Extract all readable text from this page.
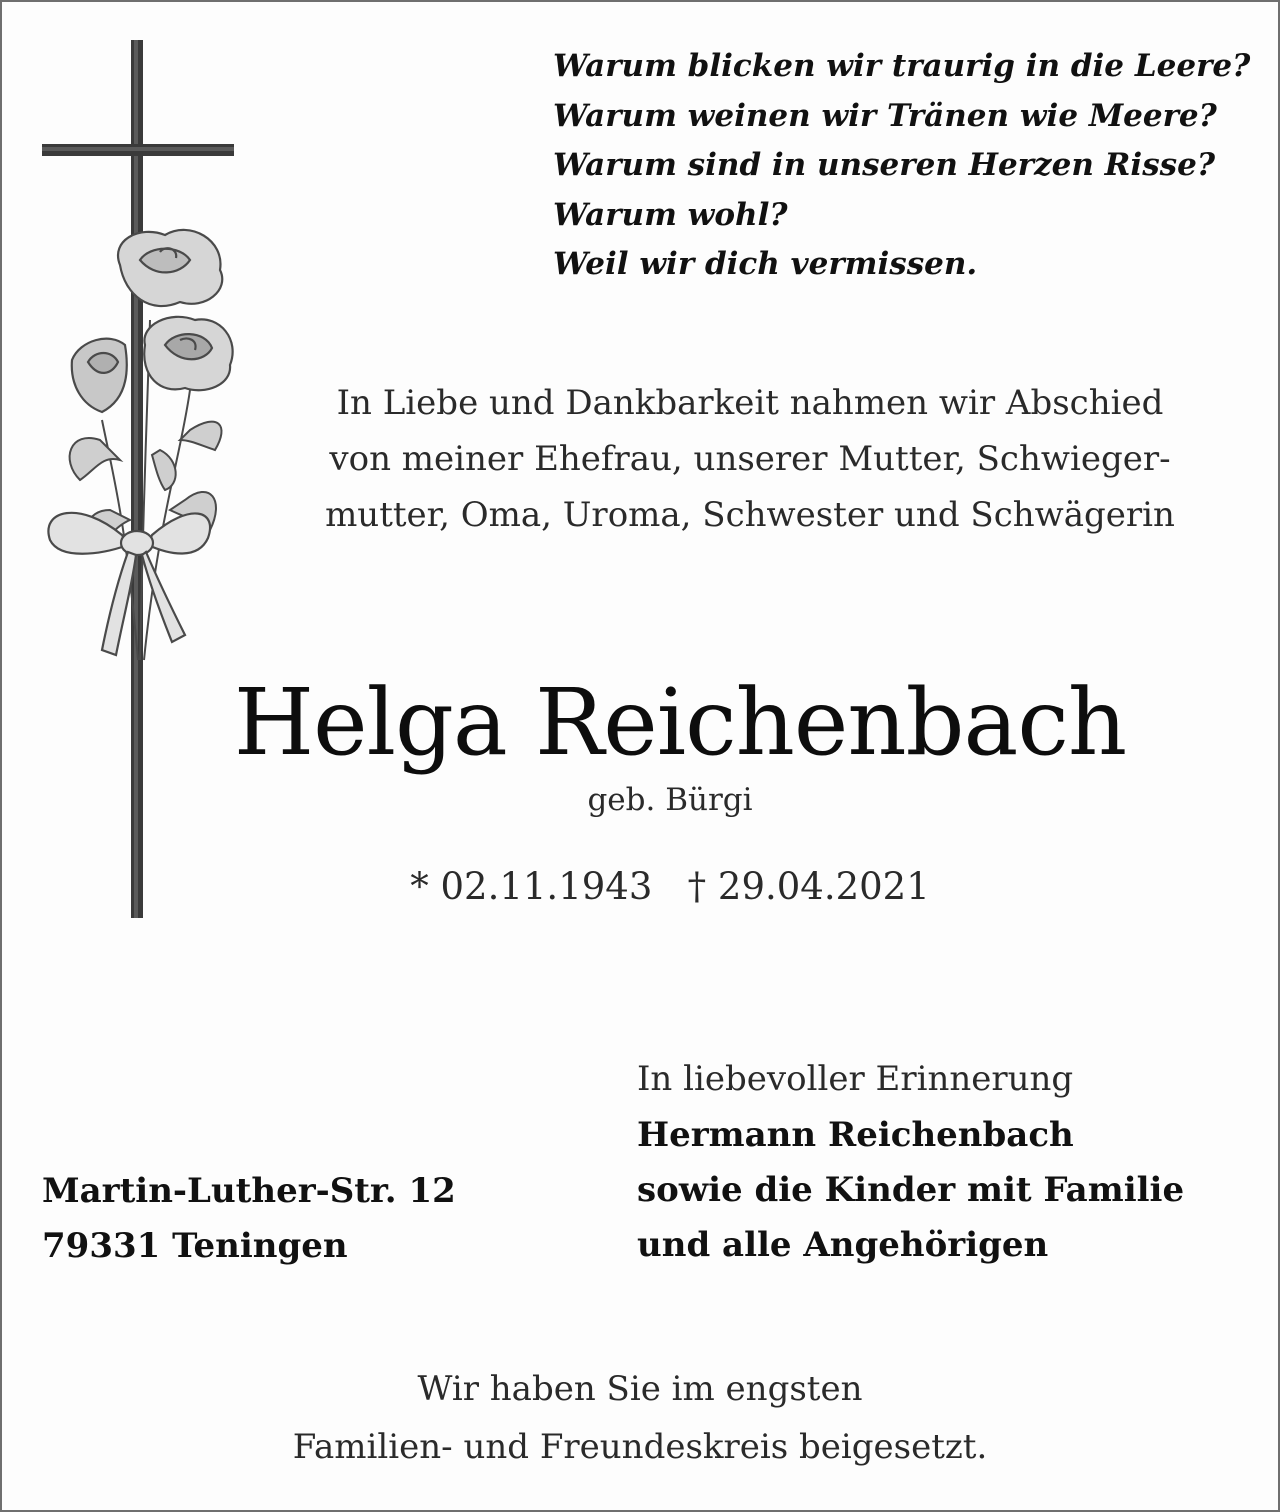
Warum blicken wir traurig in die Leere?
Warum weinen wir Tränen wie Meere?
Warum sind in unseren Herzen Risse?
Warum wohl?
Weil wir dich vermissen.
In Liebe und Dankbarkeit nahmen wir Abschied
von meiner Ehefrau, unserer Mutter, Schwieger-
mutter, Oma, Uroma, Schwester und Schwägerin
Helga Reichenbach
geb. Bürgi
* 02.11.1943   † 29.04.2021
In liebevoller Erinnerung
Hermann Reichenbach
sowie die Kinder mit Familie
und alle Angehörigen
Martin-Luther-Str. 12
79331 Teningen
Wir haben Sie im engsten
Familien- und Freundeskreis beigesetzt.
